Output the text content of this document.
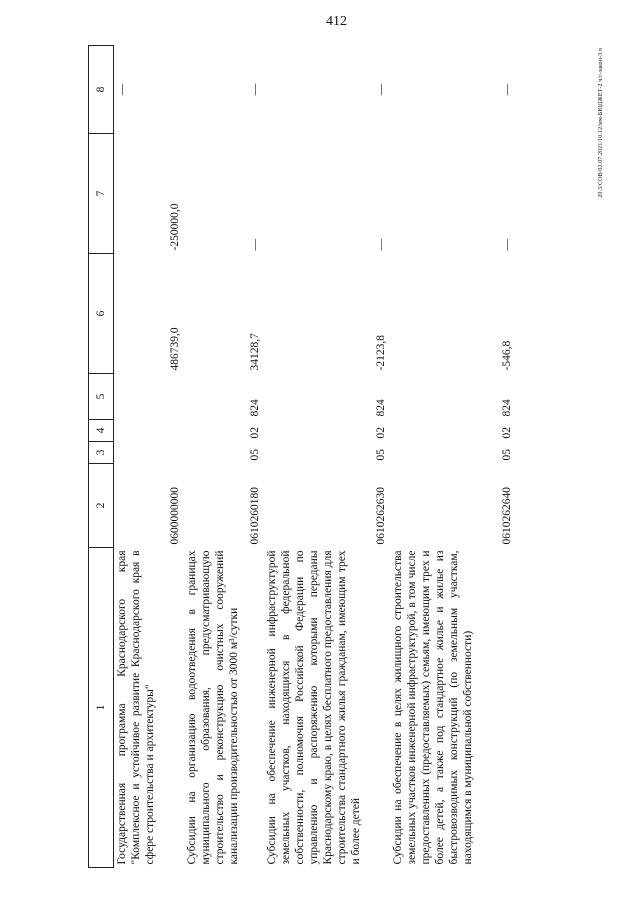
412
20.3/СОВ/02.07.2021/10.12/мм-БЮДЖЕТ-2 ч/г-закон-3.ч
1	2	3	4	5	6	7	8
Государственная программа Краснодарского края "Комплексное и устойчивое развитие Краснодарского края в сфере строительства и архитектуры"	0600000000				486739,0	-250000,0	—
Субсидии на организацию водоотведения в границах муниципального образования, предусматривающую строительство и реконструкцию очистных сооружений канализации производительностью от 3000 м³/сутки	0610260180	05	02	824	34128,7	—	—
Субсидии на обеспечение инженерной инфраструктурой земельных участков, находящихся в федеральной собственности, полномочия Российской Федерации по управлению и распоряжению которыми переданы Краснодарскому краю, в целях бесплатного предоставления для строительства стандартного жилья гражданам, имеющим трех и более детей	0610262630	05	02	824	-2123,8	—	—
Субсидии на обеспечение в целях жилищного строительства земельных участков инженерной инфраструктурой, в том числе предоставленных (предоставляемых) семьям, имеющим трех и более детей, а также под стандартное жилье и жилье из быстровозводимых конструкций (по земельным участкам, находящимся в муниципальной собственности)	0610262640	05	02	824	-546,8	—	—
